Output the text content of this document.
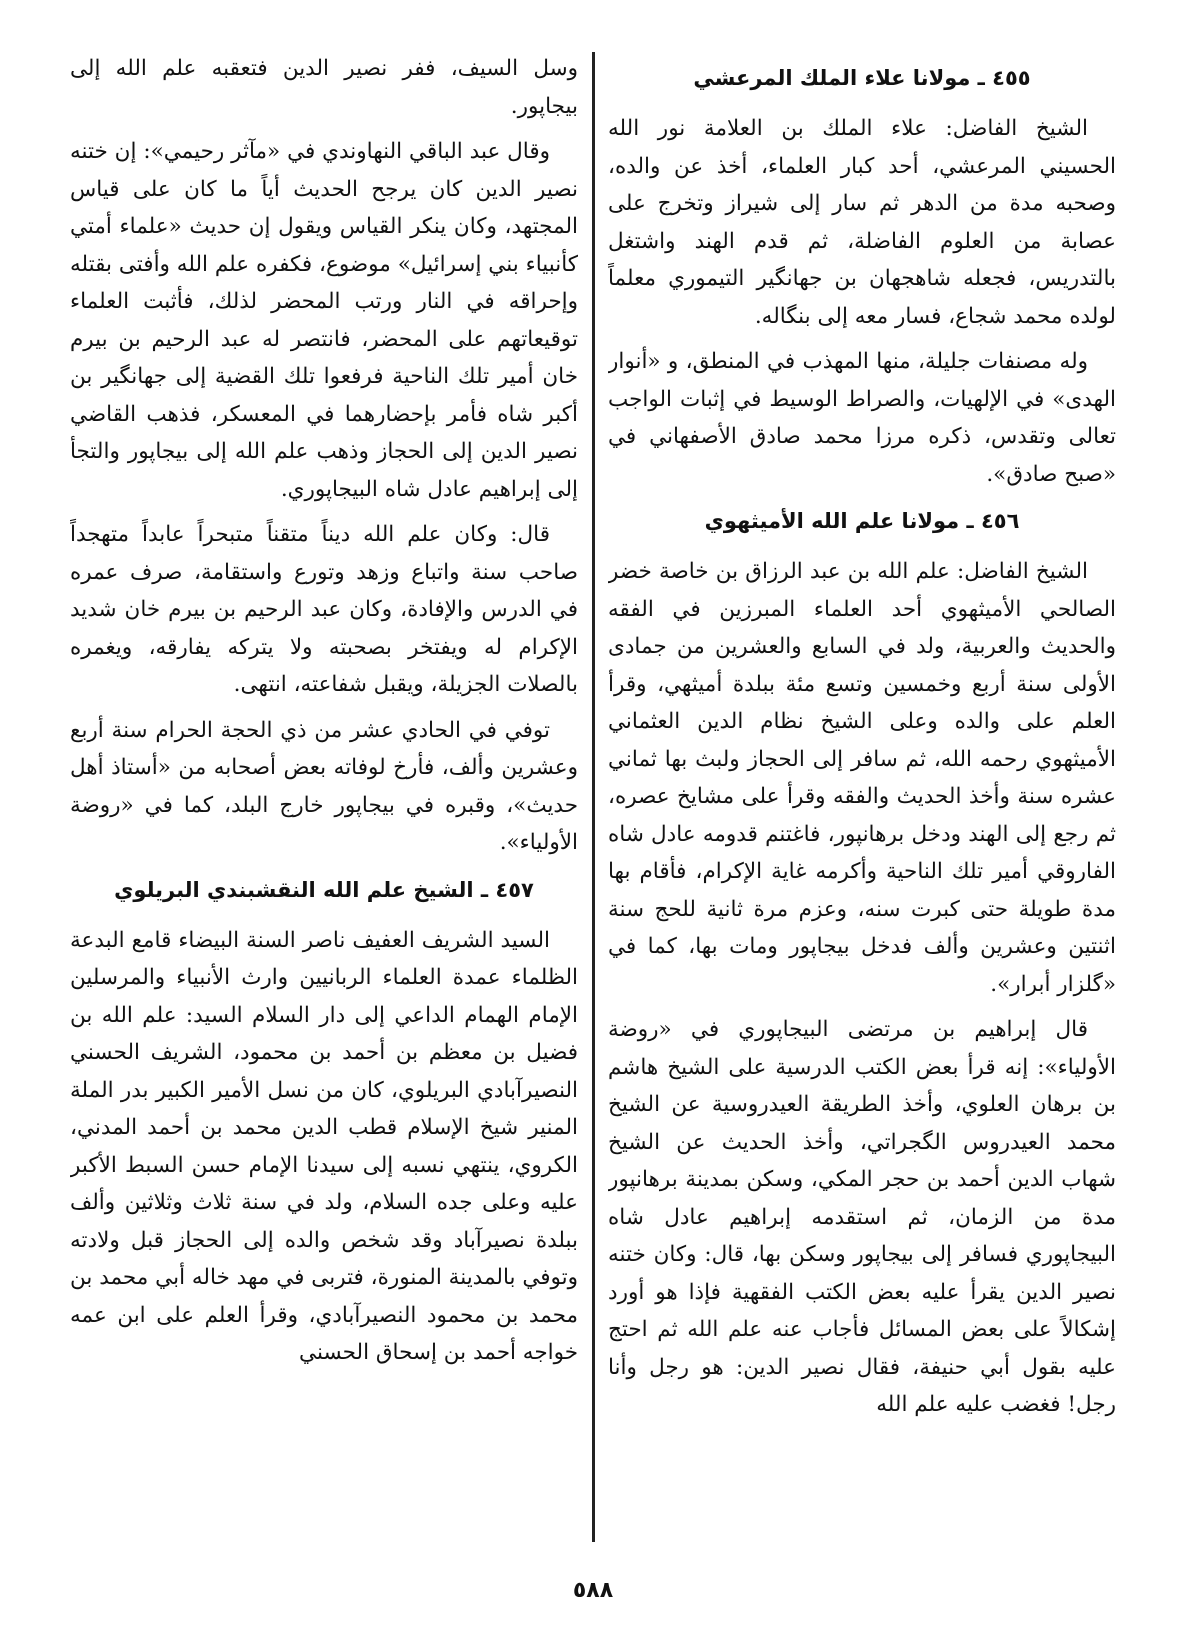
٤٥٥ ـ مولانا علاء الملك المرعشي

الشيخ الفاضل: علاء الملك بن العلامة نور الله الحسيني المرعشي، أحد كبار العلماء، أخذ عن والده، وصحبه مدة من الدهر ثم سار إلى شيراز وتخرج على عصابة من العلوم الفاضلة، ثم قدم الهند واشتغل بالتدريس، فجعله شاهجهان بن جهانگير التيموري معلماً لولده محمد شجاع، فسار معه إلى بنگاله.

وله مصنفات جليلة، منها المهذب في المنطق، و «أنوار الهدى» في الإلهيات، والصراط الوسيط في إثبات الواجب تعالى وتقدس، ذكره مرزا محمد صادق الأصفهاني في «صبح صادق».

٤٥٦ ـ مولانا علم الله الأميثهوي

الشيخ الفاضل: علم الله بن عبد الرزاق بن خاصة خضر الصالحي الأميثهوي أحد العلماء المبرزين في الفقه والحديث والعربية، ولد في السابع والعشرين من جمادى الأولى سنة أربع وخمسين وتسع مئة ببلدة أميثهي، وقرأ العلم على والده وعلى الشيخ نظام الدين العثماني الأميثهوي رحمه الله، ثم سافر إلى الحجاز ولبث بها ثماني عشره سنة وأخذ الحديث والفقه وقرأ على مشايخ عصره، ثم رجع إلى الهند ودخل برهانپور، فاغتنم قدومه عادل شاه الفاروقي أمير تلك الناحية وأكرمه غاية الإكرام، فأقام بها مدة طويلة حتى كبرت سنه، وعزم مرة ثانية للحج سنة اثنتين وعشرين وألف فدخل بيجاپور ومات بها، كما في «گلزار أبرار».

قال إبراهيم بن مرتضى البيجاپوري في «روضة الأولياء»: إنه قرأ بعض الكتب الدرسية على الشيخ هاشم بن برهان العلوي، وأخذ الطريقة العيدروسية عن الشيخ محمد العيدروس الگجراتي، وأخذ الحديث عن الشيخ شهاب الدين أحمد بن حجر المكي، وسكن بمدينة برهانپور مدة من الزمان، ثم استقدمه إبراهيم عادل شاه البيجاپوري فسافر إلى بيجاپور وسكن بها، قال: وكان ختنه نصير الدين يقرأ عليه بعض الكتب الفقهية فإذا هو أورد إشكالاً على بعض المسائل فأجاب عنه علم الله ثم احتج عليه بقول أبي حنيفة، فقال نصير الدين: هو رجل وأنا رجل! فغضب عليه علم الله

وسل السيف، ففر نصير الدين فتعقبه علم الله إلى بيجاپور.

وقال عبد الباقي النهاوندي في «مآثر رحيمي»: إن ختنه نصير الدين كان يرجح الحديث أياً ما كان على قياس المجتهد، وكان ينكر القياس ويقول إن حديث «علماء أمتي كأنبياء بني إسرائيل» موضوع، فكفره علم الله وأفتى بقتله وإحراقه في النار ورتب المحضر لذلك، فأثبت العلماء توقيعاتهم على المحضر، فانتصر له عبد الرحيم بن بيرم خان أمير تلك الناحية فرفعوا تلك القضية إلى جهانگير بن أكبر شاه فأمر بإحضارهما في المعسكر، فذهب القاضي نصير الدين إلى الحجاز وذهب علم الله إلى بيجاپور والتجأ إلى إبراهيم عادل شاه البيجاپوري.

قال: وكان علم الله ديناً متقناً متبحراً عابداً متهجداً صاحب سنة واتباع وزهد وتورع واستقامة، صرف عمره في الدرس والإفادة، وكان عبد الرحيم بن بيرم خان شديد الإكرام له ويفتخر بصحبته ولا يتركه يفارقه، ويغمره بالصلات الجزيلة، ويقبل شفاعته، انتهى.

توفي في الحادي عشر من ذي الحجة الحرام سنة أربع وعشرين وألف، فأرخ لوفاته بعض أصحابه من «أستاذ أهل حديث»، وقبره في بيجاپور خارج البلد، كما في «روضة الأولياء».

٤٥٧ ـ الشيخ علم الله النقشبندي البريلوي

السيد الشريف العفيف ناصر السنة البيضاء قامع البدعة الظلماء عمدة العلماء الربانيين وارث الأنبياء والمرسلين الإمام الهمام الداعي إلى دار السلام السيد: علم الله بن فضيل بن معظم بن أحمد بن محمود، الشريف الحسني النصيرآبادي البريلوي، كان من نسل الأمير الكبير بدر الملة المنير شيخ الإسلام قطب الدين محمد بن أحمد المدني، الكروي، ينتهي نسبه إلى سيدنا الإمام حسن السبط الأكبر عليه وعلى جده السلام، ولد في سنة ثلاث وثلاثين وألف ببلدة نصيرآباد وقد شخص والده إلى الحجاز قبل ولادته وتوفي بالمدينة المنورة، فتربى في مهد خاله أبي محمد بن محمد بن محمود النصيرآبادي، وقرأ العلم على ابن عمه خواجه أحمد بن إسحاق الحسني

٥٨٨
